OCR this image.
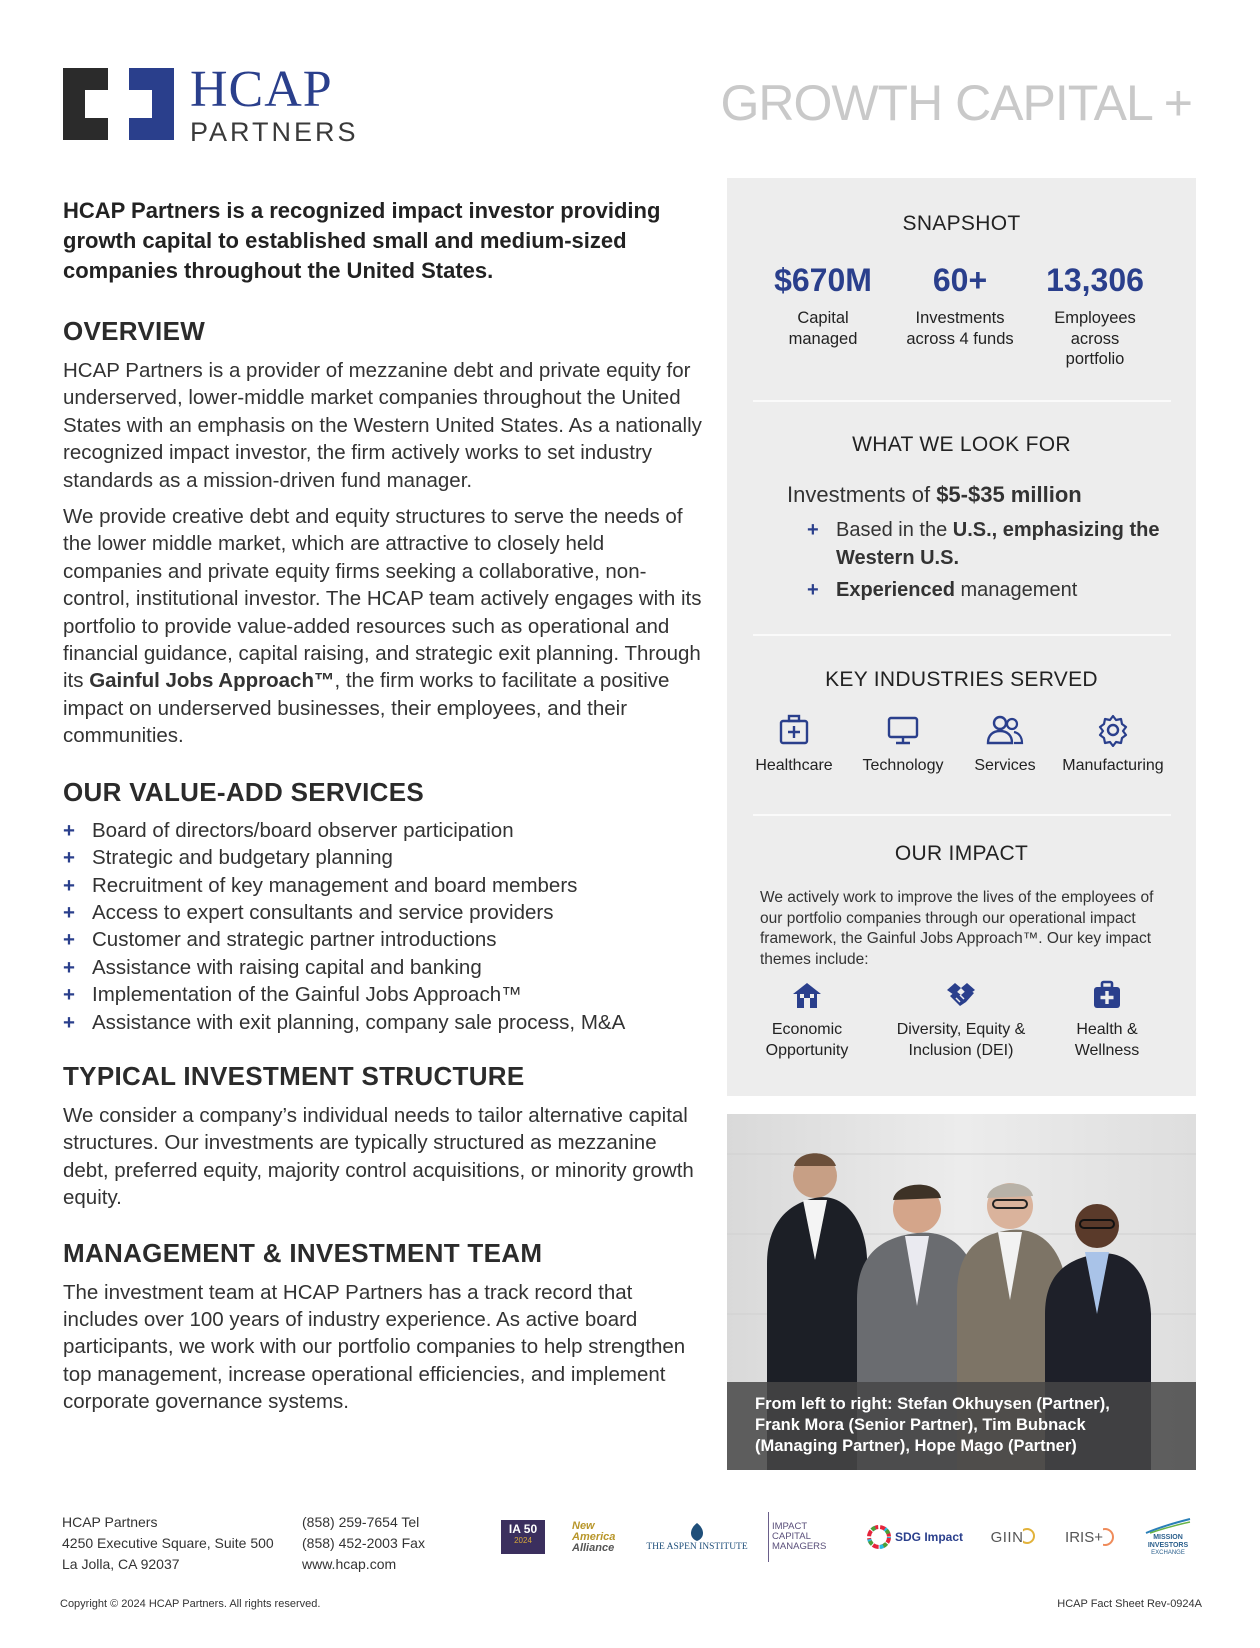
HCAP
PARTNERS
GROWTH CAPITAL +
HCAP Partners is a recognized impact investor providing growth capital to established small and medium-sized companies throughout the United States.
OVERVIEW

HCAP Partners is a provider of mezzanine debt and private equity for underserved, lower-middle market companies throughout the United States with an emphasis on the Western United States. As a nationally recognized impact investor, the firm actively works to set industry standards as a mission-driven fund manager.

We provide creative debt and equity structures to serve the needs of the lower middle market, which are attractive to closely held companies and private equity firms seeking a collaborative, non-control, institutional investor. The HCAP team actively engages with its portfolio to provide value-added resources such as operational and financial guidance, capital raising, and strategic exit planning. Through its Gainful Jobs Approach™, the firm works to facilitate a positive impact on underserved businesses, their employees, and their communities.

OUR VALUE-ADD SERVICES
+ Board of directors/board observer participation
+ Strategic and budgetary planning
+ Recruitment of key management and board members
+ Access to expert consultants and service providers
+ Customer and strategic partner introductions
+ Assistance with raising capital and banking
+ Implementation of the Gainful Jobs Approach™
+ Assistance with exit planning, company sale process, M&A
TYPICAL INVESTMENT STRUCTURE

We consider a company’s individual needs to tailor alternative capital structures. Our investments are typically structured as mezzanine debt, preferred equity, majority control acquisitions, or minority growth equity.

MANAGEMENT & INVESTMENT TEAM

The investment team at HCAP Partners has a track record that includes over 100 years of industry experience. As active board participants, we work with our portfolio companies to help strengthen top management, increase operational efficiencies, and implement corporate governance systems.

SNAPSHOT
$670M
Capital managed
60+
Investments across 4 funds
13,306
Employees across portfolio
WHAT WE LOOK FOR
Investments of $5-$35 million
+ Based in the U.S., emphasizing the Western U.S.
+ Experienced management
KEY INDUSTRIES SERVED
Healthcare	Technology	Services	Manufacturing
OUR IMPACT
We actively work to improve the lives of the employees of our portfolio companies through our operational impact framework, the Gainful Jobs Approach™. Our key impact themes include:
Economic Opportunity
Diversity, Equity & Inclusion (DEI)
Health & Wellness
From left to right: Stefan Okhuysen (Partner),
Frank Mora (Senior Partner), Tim Bubnack
(Managing Partner), Hope Mago (Partner)
HCAP Partners
4250 Executive Square, Suite 500
La Jolla, CA 92037
(858) 259-7654 Tel
(858) 452-2003 Fax
www.hcap.com
IA 50
2024
New
America
Alliance	THE ASPEN INSTITUTE
IMPACT
CAPITAL
MANAGERS
SDG Impact GIIN	IRIS+	MISSION
INVESTORS
EXCHANGE
Copyright © 2024 HCAP Partners. All rights reserved.	HCAP Fact Sheet Rev-0924A
